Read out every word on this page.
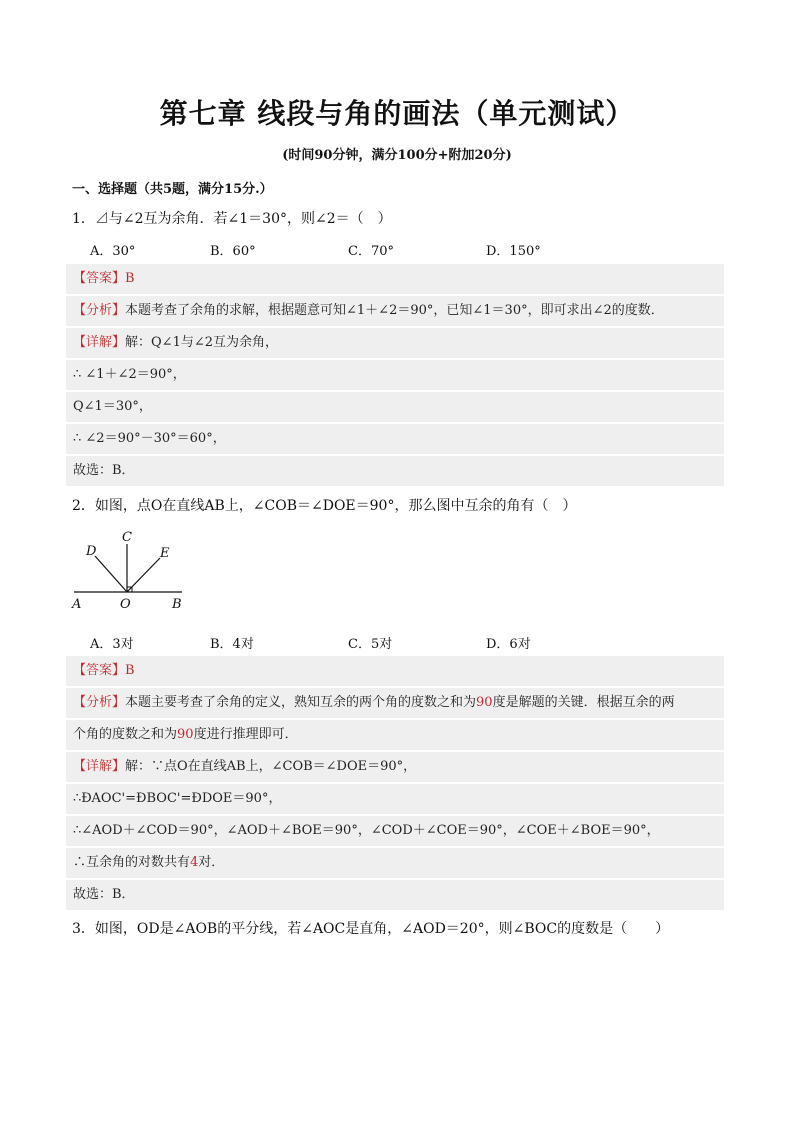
第七章 线段与角的画法（单元测试）
(时间90分钟，满分100分+附加20分)
一、选择题（共5题，满分15分.）
1．⊿与∠2互为余角．若∠1＝30°，则∠2＝（　）
A．30°	B．60°	C．70°	D．150°
【答案】B
【分析】本题考查了余角的求解，根据题意可知∠1＋∠2＝90°，已知∠1＝30°，即可求出∠2的度数．
【详解】解：Q∠1与∠2互为余角，
∴ ∠1＋∠2＝90°，
Q∠1＝30°，
∴ ∠2＝90°－30°＝60°，
故选：B．
2．如图，点O在直线AB上，∠COB＝∠DOE＝90°，那么图中互余的角有（　）
C
D	E
A	O	B
A．3对	B．4对	C．5对	D．6对
【答案】B
【分析】本题主要考查了余角的定义，熟知互余的两个角的度数之和为90度是解题的关键．根据互余的两
个角的度数之和为90度进行推理即可．
【详解】解：∵点O在直线AB上，∠COB＝∠DOE＝90°，
∴ÐAOC'=ÐBOC'=ÐDOE＝90°，
∴∠AOD＋∠COD＝90°，∠AOD＋∠BOE＝90°，∠COD＋∠COE＝90°，∠COE＋∠BOE＝90°，
∴互余角的对数共有4对．
故选：B．
3．如图，OD是∠AOB的平分线，若∠AOC是直角，∠AOD＝20°，则∠BOC的度数是（　　）
